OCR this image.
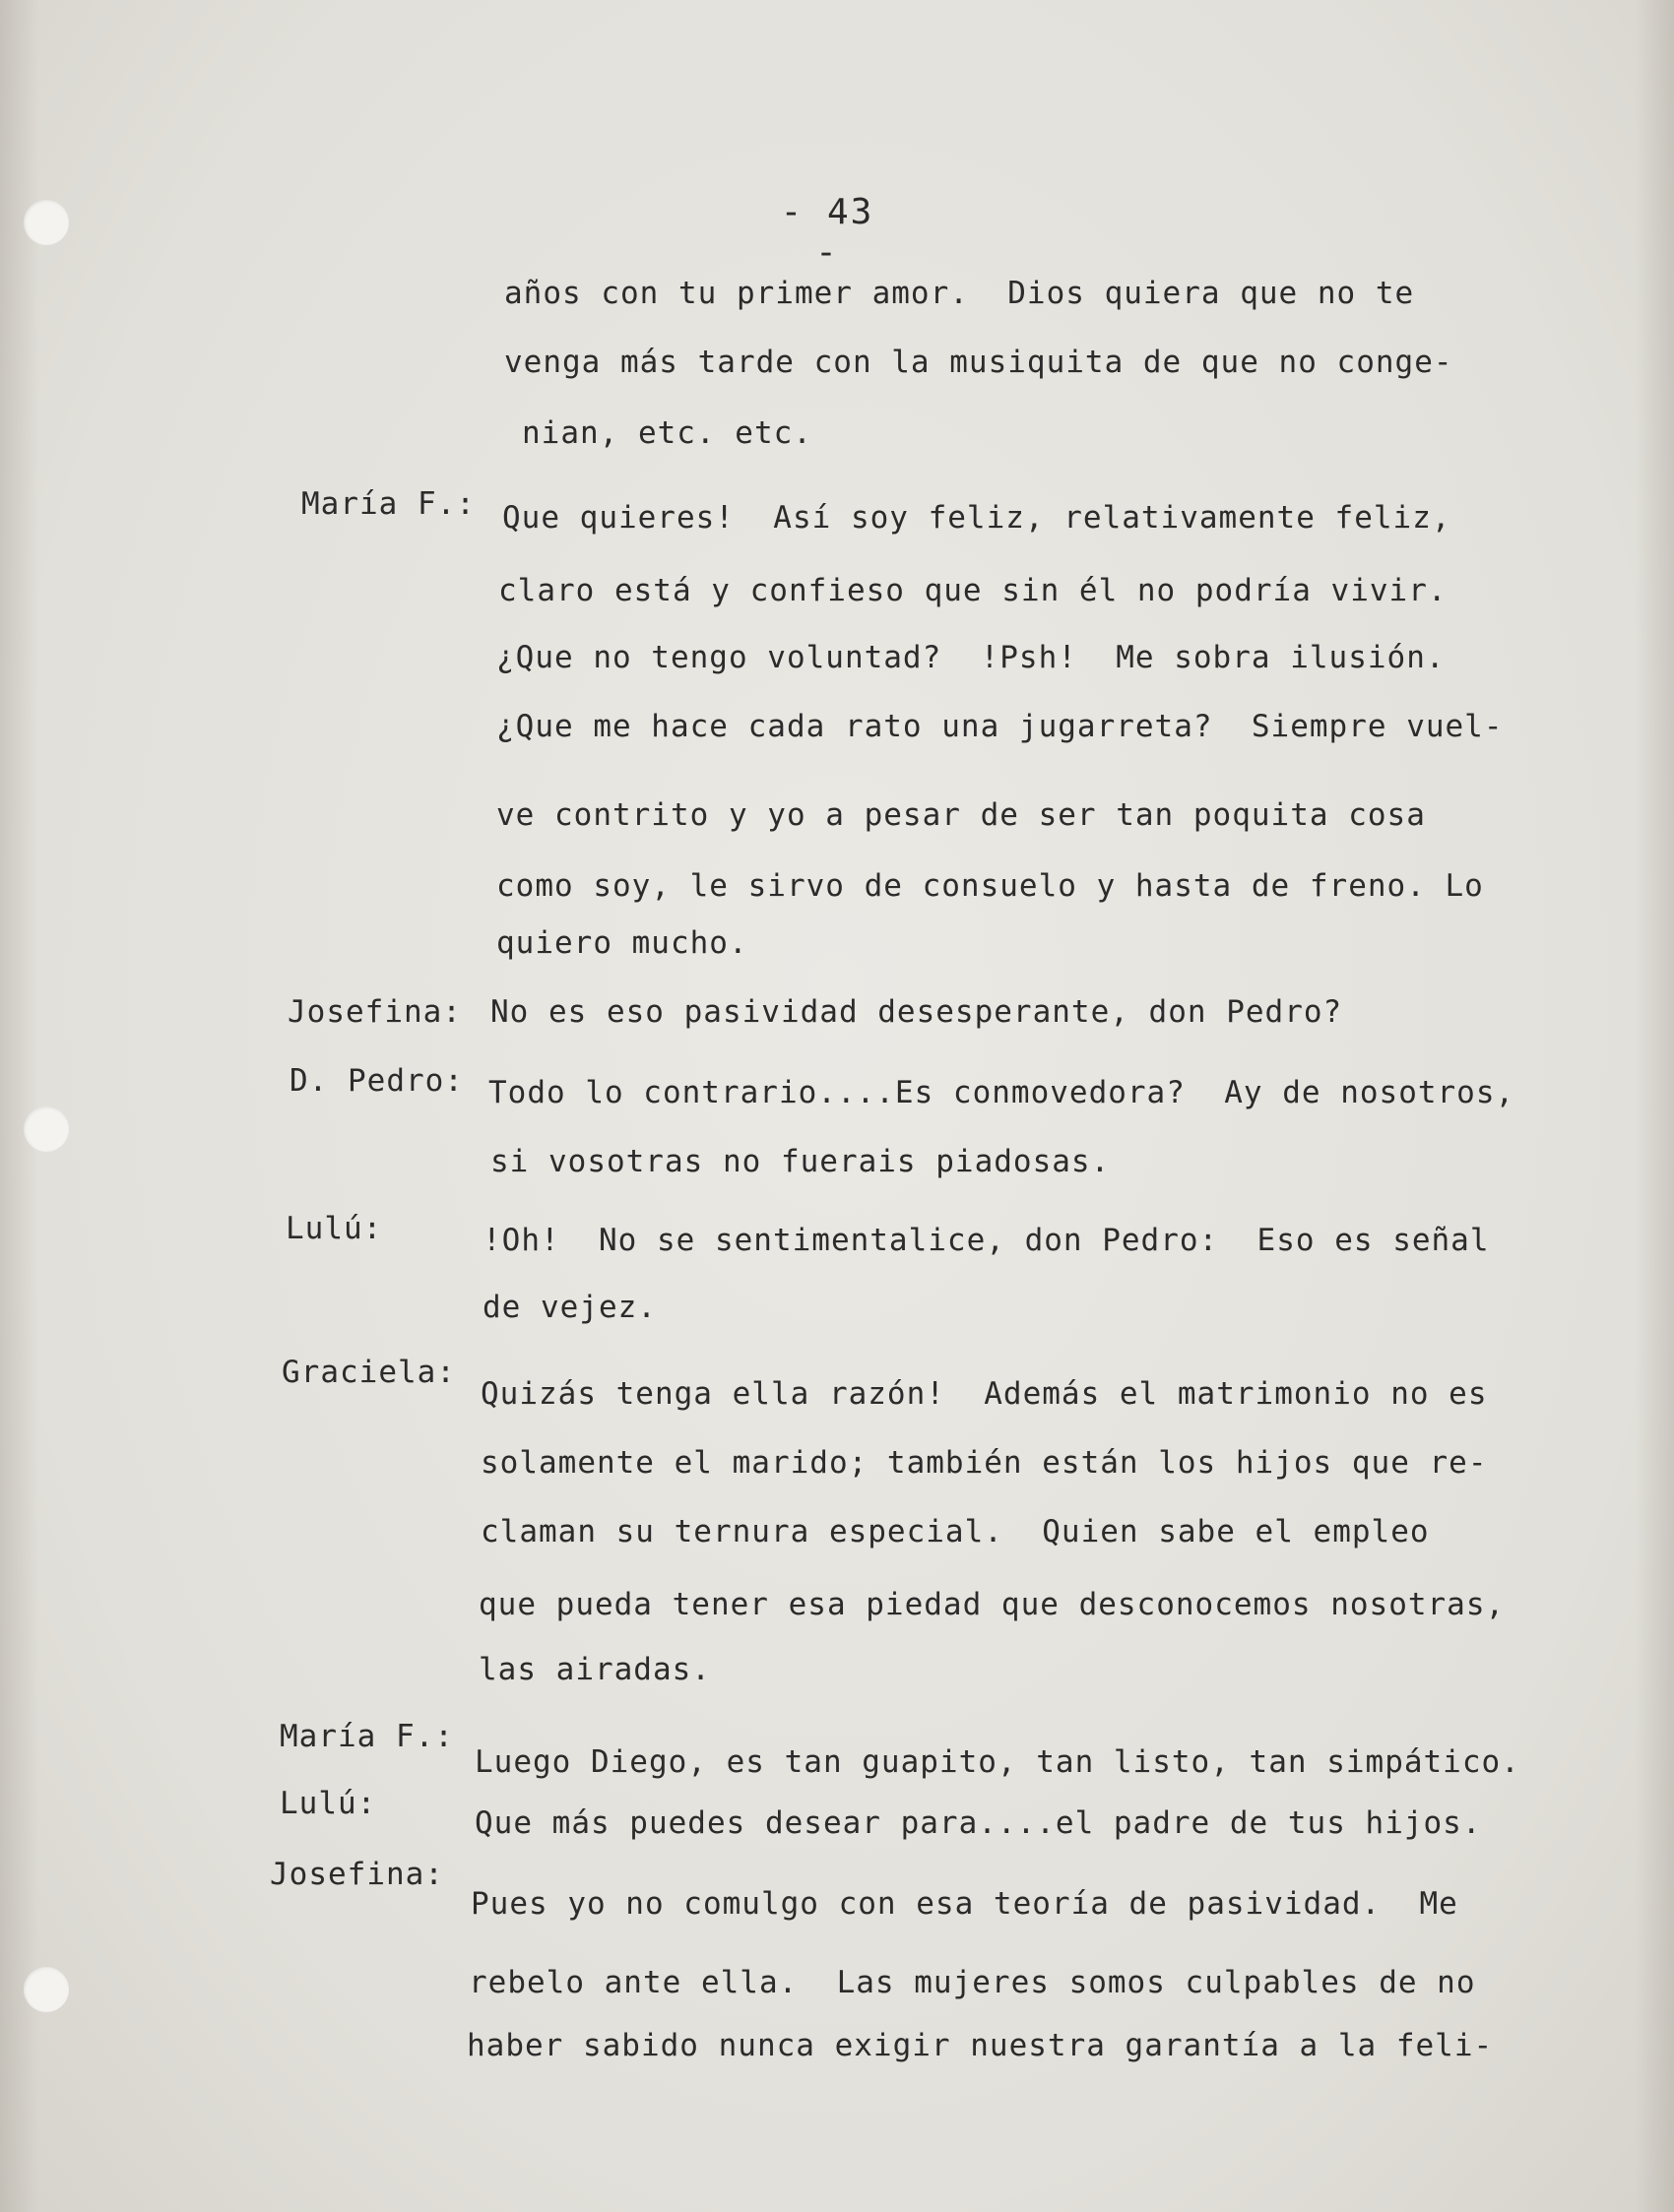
- 43 -
años con tu primer amor.  Dios quiera que no te
venga más tarde con la musiquita de que no conge-
nian, etc. etc.
María F.: Que quieres!  Así soy feliz, relativamente feliz,
claro está y confieso que sin él no podría vivir.
¿Que no tengo voluntad?  !Psh!  Me sobra ilusión.
¿Que me hace cada rato una jugarreta?  Siempre vuel-
ve contrito y yo a pesar de ser tan poquita cosa
como soy, le sirvo de consuelo y hasta de freno. Lo
quiero mucho.
Josefina: No es eso pasividad desesperante, don Pedro?
D. Pedro: Todo lo contrario....Es conmovedora?  Ay de nosotros,
si vosotras no fuerais piadosas.
Lulú:	!Oh!  No se sentimentalice, don Pedro:  Eso es señal
de vejez.
Graciela:
Quizás tenga ella razón!  Además el matrimonio no es
solamente el marido; también están los hijos que re-
claman su ternura especial.  Quien sabe el empleo
que pueda tener esa piedad que desconocemos nosotras,
las airadas.
María F.:
Luego Diego, es tan guapito, tan listo, tan simpático.
Lulú:
Que más puedes desear para....el padre de tus hijos.
Josefina:
Pues yo no comulgo con esa teoría de pasividad.  Me
rebelo ante ella.  Las mujeres somos culpables de no
haber sabido nunca exigir nuestra garantía a la feli-
